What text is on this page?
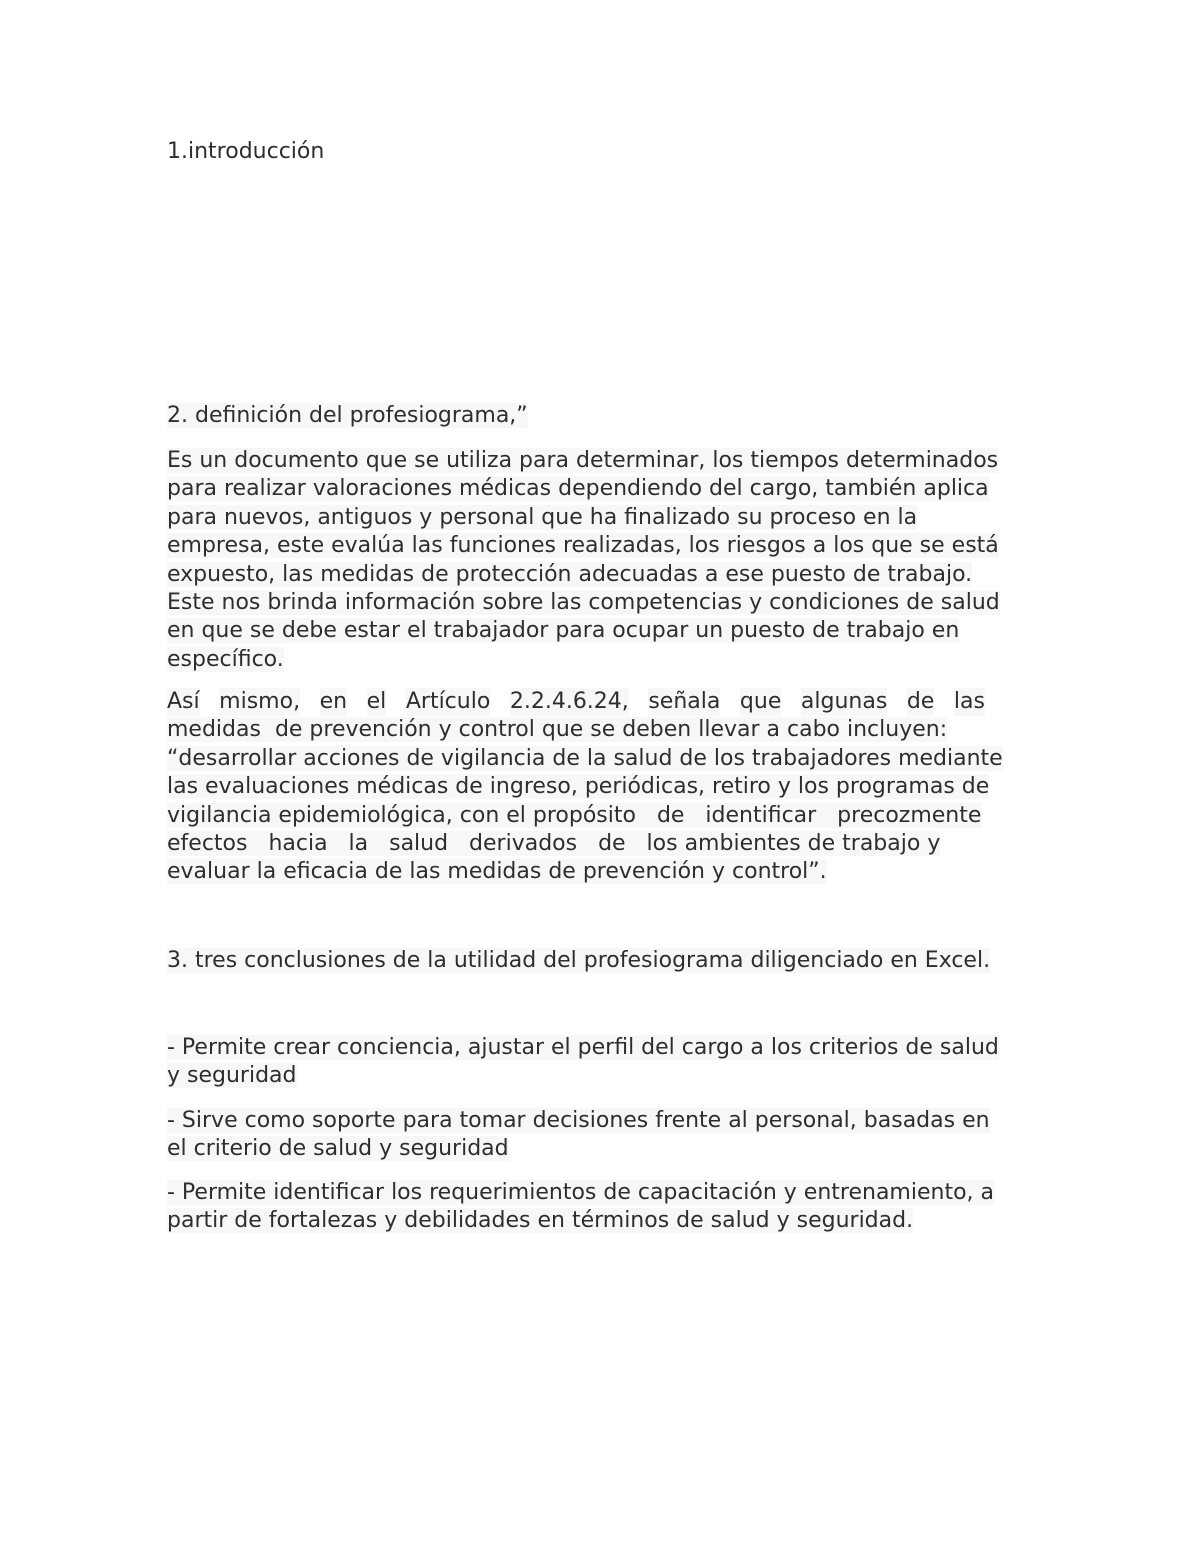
1.introducción
2. definición del profesiograma,”
Es un documento que se utiliza para determinar, los tiempos determinados
para realizar valoraciones médicas dependiendo del cargo, también aplica
para nuevos, antiguos y personal que ha finalizado su proceso en la
empresa, este evalúa las funciones realizadas, los riesgos a los que se está
expuesto, las medidas de protección adecuadas a ese puesto de trabajo.
Este nos brinda información sobre las competencias y condiciones de salud
en que se debe estar el trabajador para ocupar un puesto de trabajo en
específico.
Así mismo, en el Artículo 2.2.4.6.24, señala que algunas de las
medidas  de prevención y control que se deben llevar a cabo incluyen:
“desarrollar acciones de vigilancia de la salud de los trabajadores mediante
las evaluaciones médicas de ingreso, periódicas, retiro y los programas de
vigilancia epidemiológica, con el propósito   de   identificar   precozmente
efectos   hacia   la   salud   derivados   de   los ambientes de trabajo y
evaluar la eficacia de las medidas de prevención y control”.
3. tres conclusiones de la utilidad del profesiograma diligenciado en Excel.
- Permite crear conciencia, ajustar el perfil del cargo a los criterios de salud
y seguridad
- Sirve como soporte para tomar decisiones frente al personal, basadas en
el criterio de salud y seguridad
- Permite identificar los requerimientos de capacitación y entrenamiento, a
partir de fortalezas y debilidades en términos de salud y seguridad.
